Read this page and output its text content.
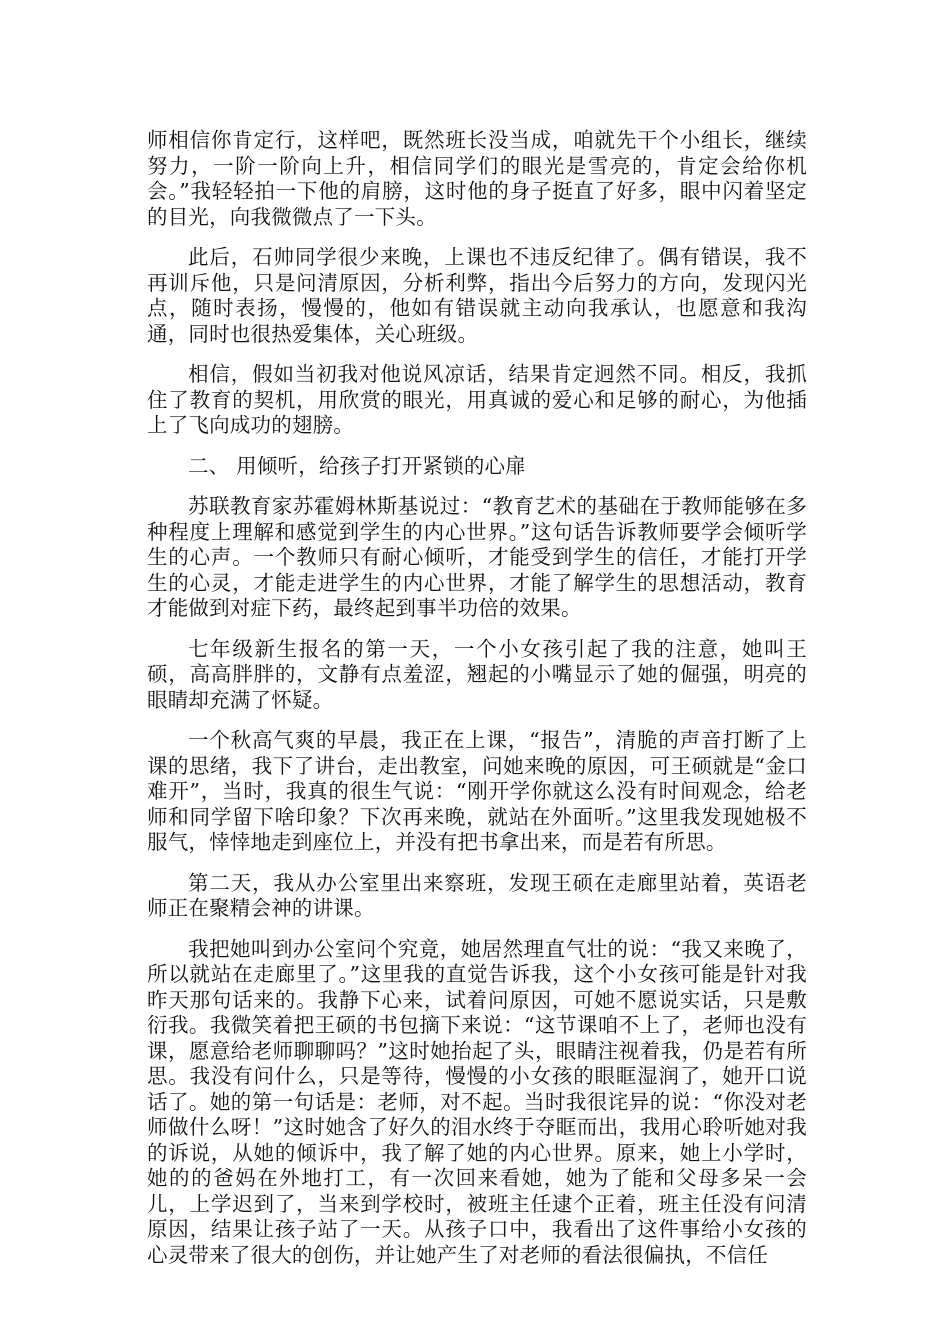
师相信你肯定行，这样吧，既然班长没当成，咱就先干个小组长，继续努力，一阶一阶向上升，相信同学们的眼光是雪亮的，肯定会给你机会。”我轻轻拍一下他的肩膀，这时他的身子挺直了好多，眼中闪着坚定的目光，向我微微点了一下头。

此后，石帅同学很少来晚，上课也不违反纪律了。偶有错误，我不再训斥他，只是问清原因，分析利弊，指出今后努力的方向，发现闪光点，随时表扬，慢慢的，他如有错误就主动向我承认，也愿意和我沟通，同时也很热爱集体，关心班级。

相信，假如当初我对他说风凉话，结果肯定迥然不同。相反，我抓住了教育的契机，用欣赏的眼光，用真诚的爱心和足够的耐心，为他插上了飞向成功的翅膀。

二、 用倾听，给孩子打开紧锁的心扉

苏联教育家苏霍姆林斯基说过：“教育艺术的基础在于教师能够在多种程度上理解和感觉到学生的内心世界。”这句话告诉教师要学会倾听学生的心声。一个教师只有耐心倾听，才能受到学生的信任，才能打开学生的心灵，才能走进学生的内心世界，才能了解学生的思想活动，教育才能做到对症下药，最终起到事半功倍的效果。

七年级新生报名的第一天，一个小女孩引起了我的注意，她叫王硕，高高胖胖的，文静有点羞涩，翘起的小嘴显示了她的倔强，明亮的眼睛却充满了怀疑。

一个秋高气爽的早晨，我正在上课，“报告”，清脆的声音打断了上课的思绪，我下了讲台，走出教室，问她来晚的原因，可王硕就是“金口难开”，当时，我真的很生气说：“刚开学你就这么没有时间观念，给老师和同学留下啥印象？下次再来晚，就站在外面听。”这里我发现她极不服气，悻悻地走到座位上，并没有把书拿出来，而是若有所思。

第二天，我从办公室里出来察班，发现王硕在走廊里站着，英语老师正在聚精会神的讲课。

我把她叫到办公室问个究竟，她居然理直气壮的说：“我又来晚了，所以就站在走廊里了。”这里我的直觉告诉我，这个小女孩可能是针对我昨天那句话来的。我静下心来，试着问原因，可她不愿说实话，只是敷衍我。我微笑着把王硕的书包摘下来说：“这节课咱不上了，老师也没有课，愿意给老师聊聊吗？”这时她抬起了头，眼睛注视着我，仍是若有所思。我没有问什么，只是等待，慢慢的小女孩的眼眶湿润了，她开口说话了。她的第一句话是：老师，对不起。当时我很诧异的说：“你没对老师做什么呀！”这时她含了好久的泪水终于夺眶而出，我用心聆听她对我的诉说，从她的倾诉中，我了解了她的内心世界。原来，她上小学时，她的的爸妈在外地打工，有一次回来看她，她为了能和父母多呆一会儿，上学迟到了，当来到学校时，被班主任逮个正着，班主任没有问清原因，结果让孩子站了一天。从孩子口中，我看出了这件事给小女孩的心灵带来了很大的创伤，并让她产生了对老师的看法很偏执，不信任
